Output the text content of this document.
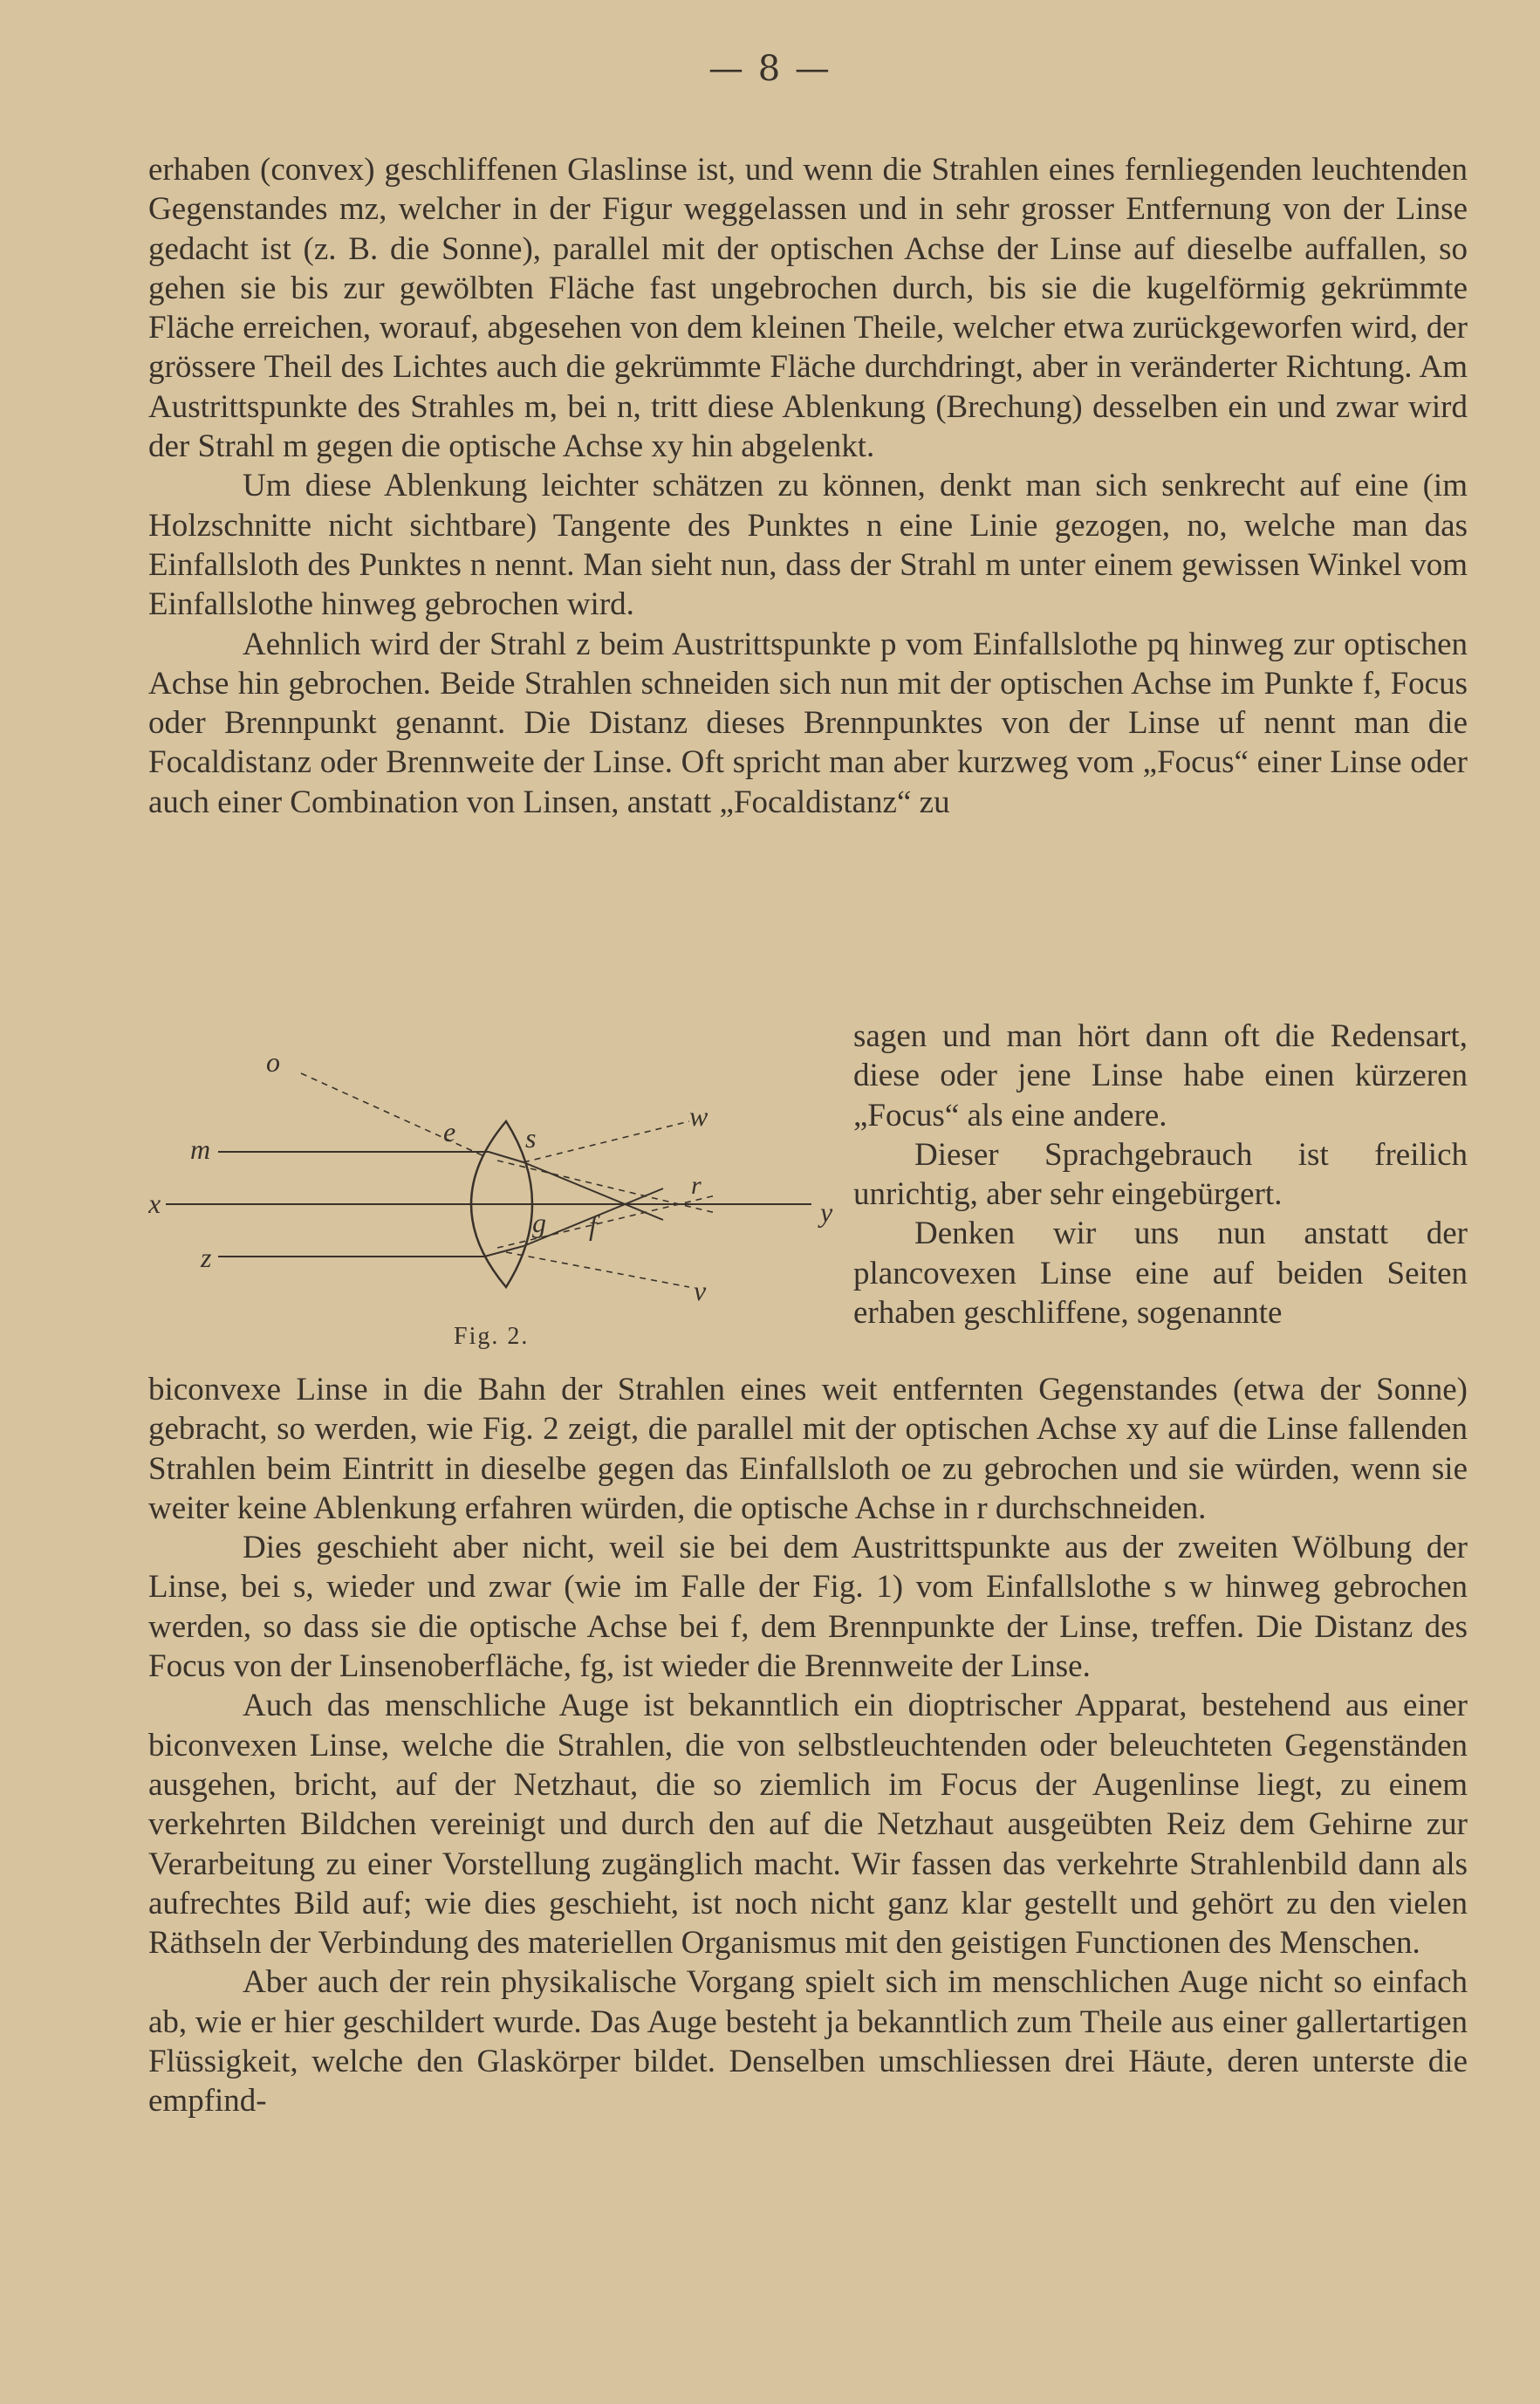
— 8 —

erhaben (convex) geschliffenen Glaslinse ist, und wenn die Strahlen eines fernliegenden leuchtenden Gegenstandes mz, welcher in der Figur weggelassen und in sehr grosser Entfernung von der Linse gedacht ist (z. B. die Sonne), parallel mit der optischen Achse der Linse auf dieselbe auffallen, so gehen sie bis zur gewölbten Fläche fast ungebrochen durch, bis sie die kugelförmig gekrümmte Fläche erreichen, worauf, abgesehen von dem kleinen Theile, welcher etwa zurückgeworfen wird, der grössere Theil des Lichtes auch die gekrümmte Fläche durchdringt, aber in veränderter Richtung. Am Austrittspunkte des Strahles m, bei n, tritt diese Ablenkung (Brechung) desselben ein und zwar wird der Strahl m gegen die optische Achse xy hin abgelenkt.

Um diese Ablenkung leichter schätzen zu können, denkt man sich senkrecht auf eine (im Holzschnitte nicht sichtbare) Tangente des Punktes n eine Linie gezogen, no, welche man das Einfallsloth des Punktes n nennt. Man sieht nun, dass der Strahl m unter einem gewissen Winkel vom Einfallslothe hinweg gebrochen wird.

Aehnlich wird der Strahl z beim Austrittspunkte p vom Einfallslothe pq hinweg zur optischen Achse hin gebrochen. Beide Strahlen schneiden sich nun mit der optischen Achse im Punkte f, Focus oder Brennpunkt genannt. Die Distanz dieses Brennpunktes von der Linse uf nennt man die Focaldistanz oder Brennweite der Linse. Oft spricht man aber kurzweg vom „Focus“ einer Linse oder auch einer Combination von Linsen, anstatt „Focaldistanz“ zu

o
e	w
m	s
x
r
y
g f
z
v
Fig. 2.

sagen und man hört dann oft die Redensart, diese oder jene Linse habe einen kürzeren „Focus“ als eine andere.

Dieser Sprachgebrauch ist freilich unrichtig, aber sehr eingebürgert.

Denken wir uns nun anstatt der plancovexen Linse eine auf beiden Seiten erhaben geschliffene, sogenannte

biconvexe Linse in die Bahn der Strahlen eines weit entfernten Gegenstandes (etwa der Sonne) gebracht, so werden, wie Fig. 2 zeigt, die parallel mit der optischen Achse xy auf die Linse fallenden Strahlen beim Eintritt in dieselbe gegen das Einfallsloth oe zu gebrochen und sie würden, wenn sie weiter keine Ablenkung erfahren würden, die optische Achse in r durchschneiden.

Dies geschieht aber nicht, weil sie bei dem Austrittspunkte aus der zweiten Wölbung der Linse, bei s, wieder und zwar (wie im Falle der Fig. 1) vom Einfallslothe s w hinweg gebrochen werden, so dass sie die optische Achse bei f, dem Brennpunkte der Linse, treffen. Die Distanz des Focus von der Linsenoberfläche, fg, ist wieder die Brennweite der Linse.

Auch das menschliche Auge ist bekanntlich ein dioptrischer Apparat, bestehend aus einer biconvexen Linse, welche die Strahlen, die von selbstleuchtenden oder beleuchteten Gegenständen ausgehen, bricht, auf der Netzhaut, die so ziemlich im Focus der Augenlinse liegt, zu einem verkehrten Bildchen vereinigt und durch den auf die Netzhaut ausgeübten Reiz dem Gehirne zur Verarbeitung zu einer Vorstellung zugänglich macht. Wir fassen das verkehrte Strahlenbild dann als aufrechtes Bild auf; wie dies geschieht, ist noch nicht ganz klar gestellt und gehört zu den vielen Räthseln der Verbindung des materiellen Organismus mit den geistigen Functionen des Menschen.

Aber auch der rein physikalische Vorgang spielt sich im menschlichen Auge nicht so einfach ab, wie er hier geschildert wurde. Das Auge besteht ja bekanntlich zum Theile aus einer gallertartigen Flüssigkeit, welche den Glaskörper bildet. Denselben umschliessen drei Häute, deren unterste die empfind-
